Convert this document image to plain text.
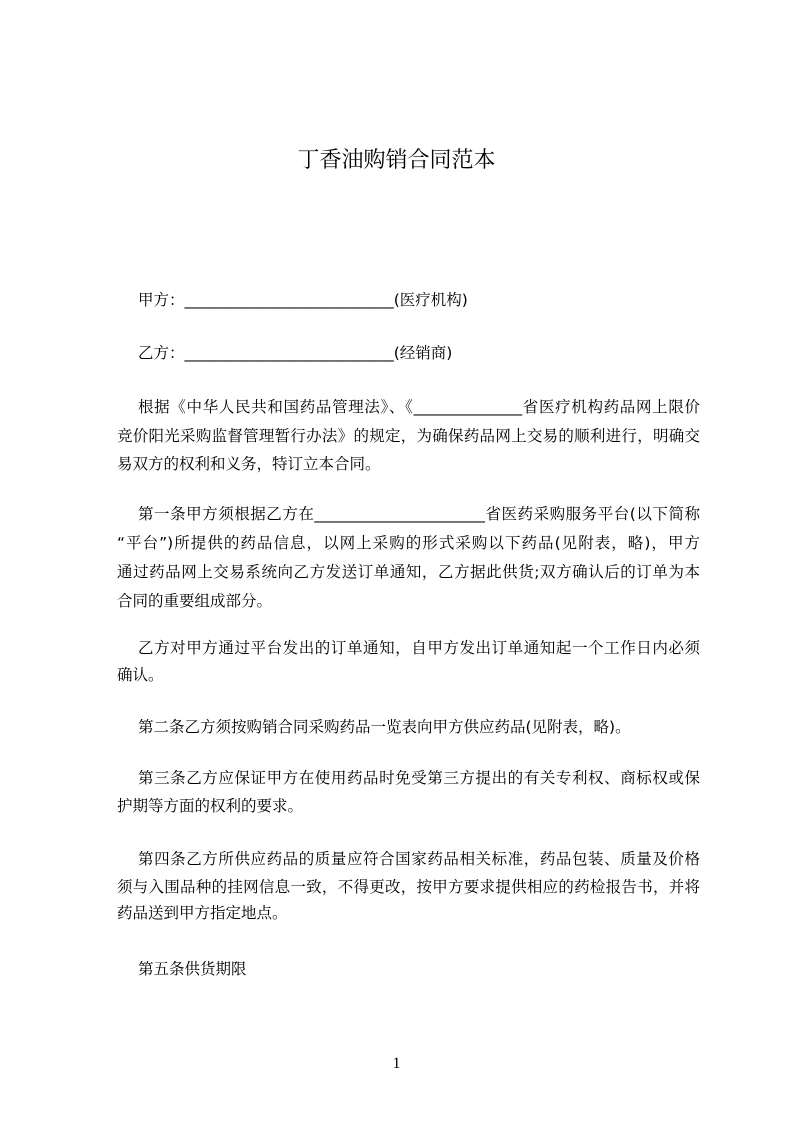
丁香油购销合同范本
甲方：___________________________(医疗机构)
乙方：___________________________(经销商)
根据《中华人民共和国药品管理法》、《______________省医疗机构药品网上限价
竞价阳光采购监督管理暂行办法》的规定，为确保药品网上交易的顺利进行，明确交
易双方的权利和义务，特订立本合同。
第一条甲方须根据乙方在______________________省医药采购服务平台(以下简称
“平台”)所提供的药品信息，以网上采购的形式采购以下药品(见附表，略)，甲方
通过药品网上交易系统向乙方发送订单通知，乙方据此供货;双方确认后的订单为本
合同的重要组成部分。
乙方对甲方通过平台发出的订单通知，自甲方发出订单通知起一个工作日内必须
确认。
第二条乙方须按购销合同采购药品一览表向甲方供应药品(见附表，略)。
第三条乙方应保证甲方在使用药品时免受第三方提出的有关专利权、商标权或保
护期等方面的权利的要求。
第四条乙方所供应药品的质量应符合国家药品相关标准，药品包装、质量及价格
须与入围品种的挂网信息一致，不得更改，按甲方要求提供相应的药检报告书，并将
药品送到甲方指定地点。
第五条供货期限
1
